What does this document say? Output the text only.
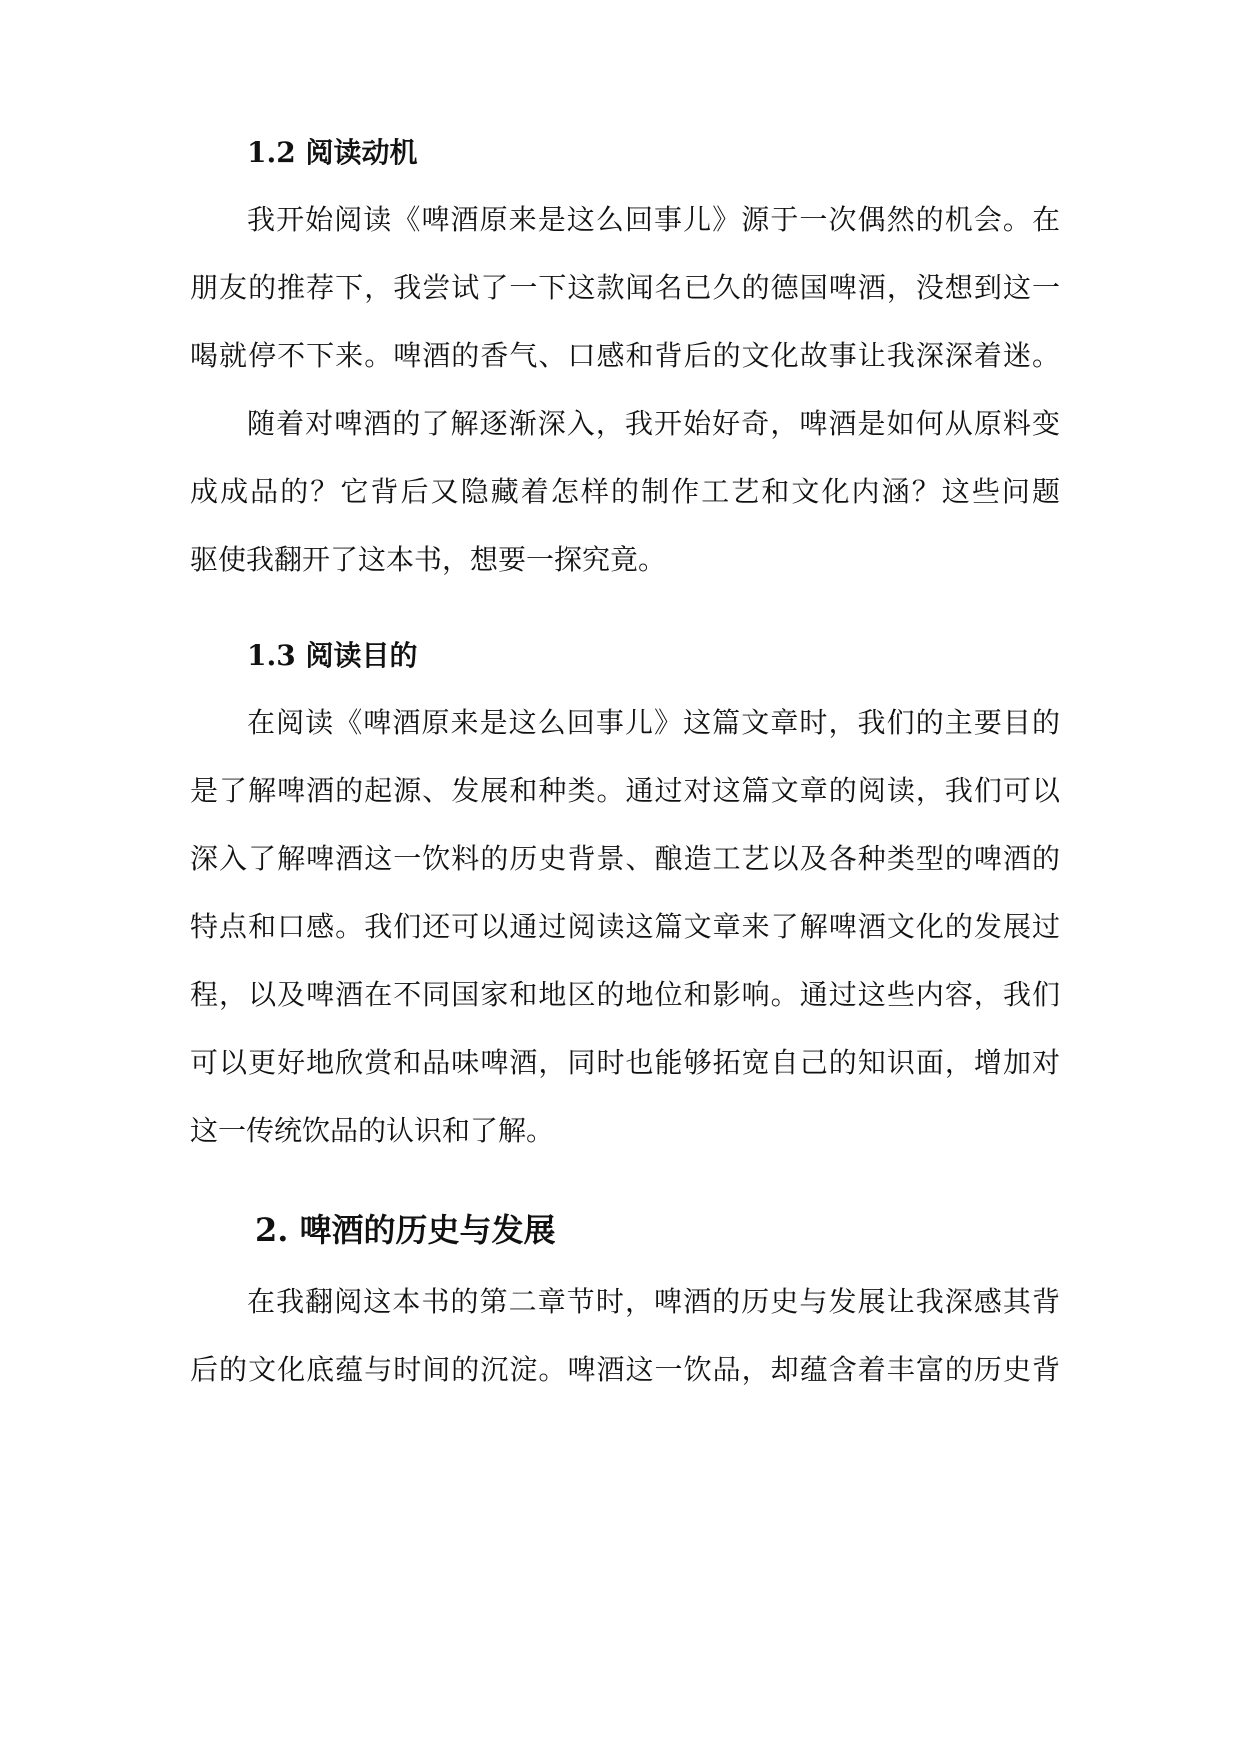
1.2 阅读动机
我开始阅读《啤酒原来是这么回事儿》源于一次偶然的机会。在
朋友的推荐下，我尝试了一下这款闻名已久的德国啤酒，没想到这一
喝就停不下来。啤酒的香气、口感和背后的文化故事让我深深着迷。
随着对啤酒的了解逐渐深入，我开始好奇，啤酒是如何从原料变
成成品的？它背后又隐藏着怎样的制作工艺和文化内涵？这些问题
驱使我翻开了这本书，想要一探究竟。
1.3 阅读目的
在阅读《啤酒原来是这么回事儿》这篇文章时，我们的主要目的
是了解啤酒的起源、发展和种类。通过对这篇文章的阅读，我们可以
深入了解啤酒这一饮料的历史背景、酿造工艺以及各种类型的啤酒的
特点和口感。我们还可以通过阅读这篇文章来了解啤酒文化的发展过
程，以及啤酒在不同国家和地区的地位和影响。通过这些内容，我们
可以更好地欣赏和品味啤酒，同时也能够拓宽自己的知识面，增加对
这一传统饮品的认识和了解。
2. 啤酒的历史与发展
在我翻阅这本书的第二章节时，啤酒的历史与发展让我深感其背
后的文化底蕴与时间的沉淀。啤酒这一饮品，却蕴含着丰富的历史背
